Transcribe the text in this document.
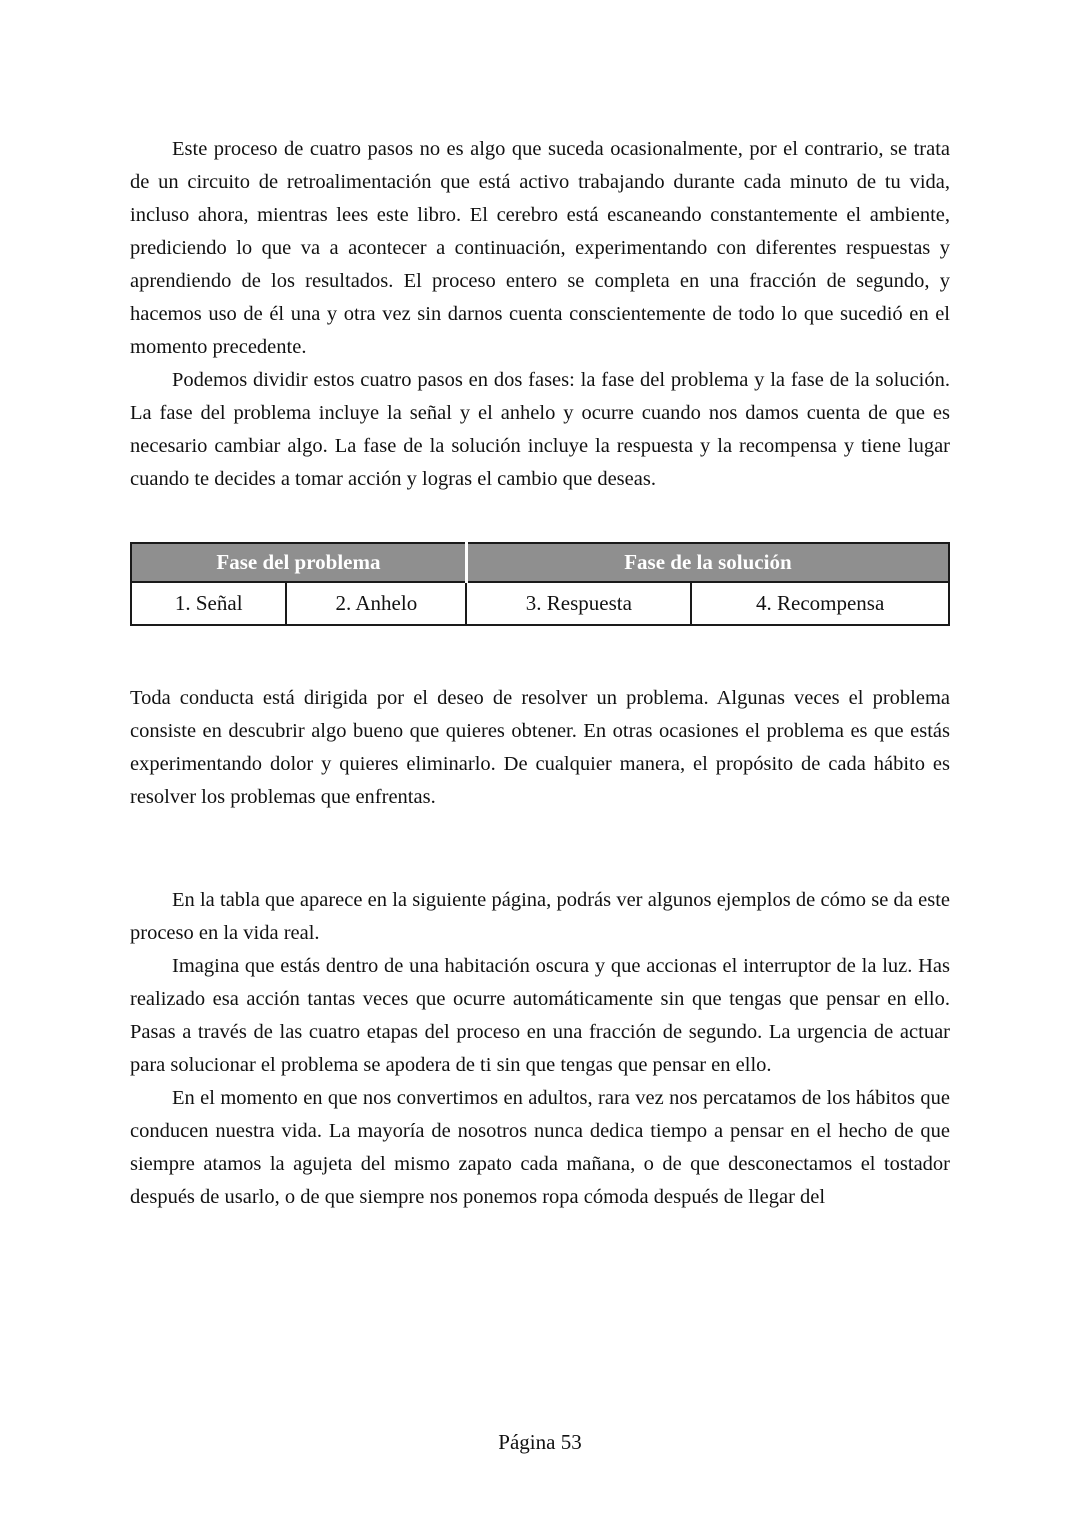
Este proceso de cuatro pasos no es algo que suceda ocasionalmente, por el contrario, se trata de un circuito de retroalimentación que está activo trabajando durante cada minuto de tu vida, incluso ahora, mientras lees este libro. El cerebro está escaneando constantemente el ambiente, prediciendo lo que va a acontecer a continuación, experimentando con diferentes respuestas y aprendiendo de los resultados. El proceso entero se completa en una fracción de segundo, y hacemos uso de él una y otra vez sin darnos cuenta conscientemente de todo lo que sucedió en el momento precedente.

Podemos dividir estos cuatro pasos en dos fases: la fase del problema y la fase de la solución. La fase del problema incluye la señal y el anhelo y ocurre cuando nos damos cuenta de que es necesario cambiar algo. La fase de la solución incluye la respuesta y la recompensa y tiene lugar cuando te decides a tomar acción y logras el cambio que deseas.

Fase del problema		Fase de la solución	
1. Señal	2. Anhelo	3. Respuesta	4. Recompensa

Toda conducta está dirigida por el deseo de resolver un problema. Algunas veces el problema consiste en descubrir algo bueno que quieres obtener. En otras ocasiones el problema es que estás experimentando dolor y quieres eliminarlo. De cualquier manera, el propósito de cada hábito es resolver los problemas que enfrentas.

En la tabla que aparece en la siguiente página, podrás ver algunos ejemplos de cómo se da este proceso en la vida real.

Imagina que estás dentro de una habitación oscura y que accionas el interruptor de la luz. Has realizado esa acción tantas veces que ocurre automáticamente sin que tengas que pensar en ello. Pasas a través de las cuatro etapas del proceso en una fracción de segundo. La urgencia de actuar para solucionar el problema se apodera de ti sin que tengas que pensar en ello.

En el momento en que nos convertimos en adultos, rara vez nos percatamos de los hábitos que conducen nuestra vida. La mayoría de nosotros nunca dedica tiempo a pensar en el hecho de que siempre atamos la agujeta del mismo zapato cada mañana, o de que desconectamos el tostador después de usarlo, o de que siempre nos ponemos ropa cómoda después de llegar del

Página 53
